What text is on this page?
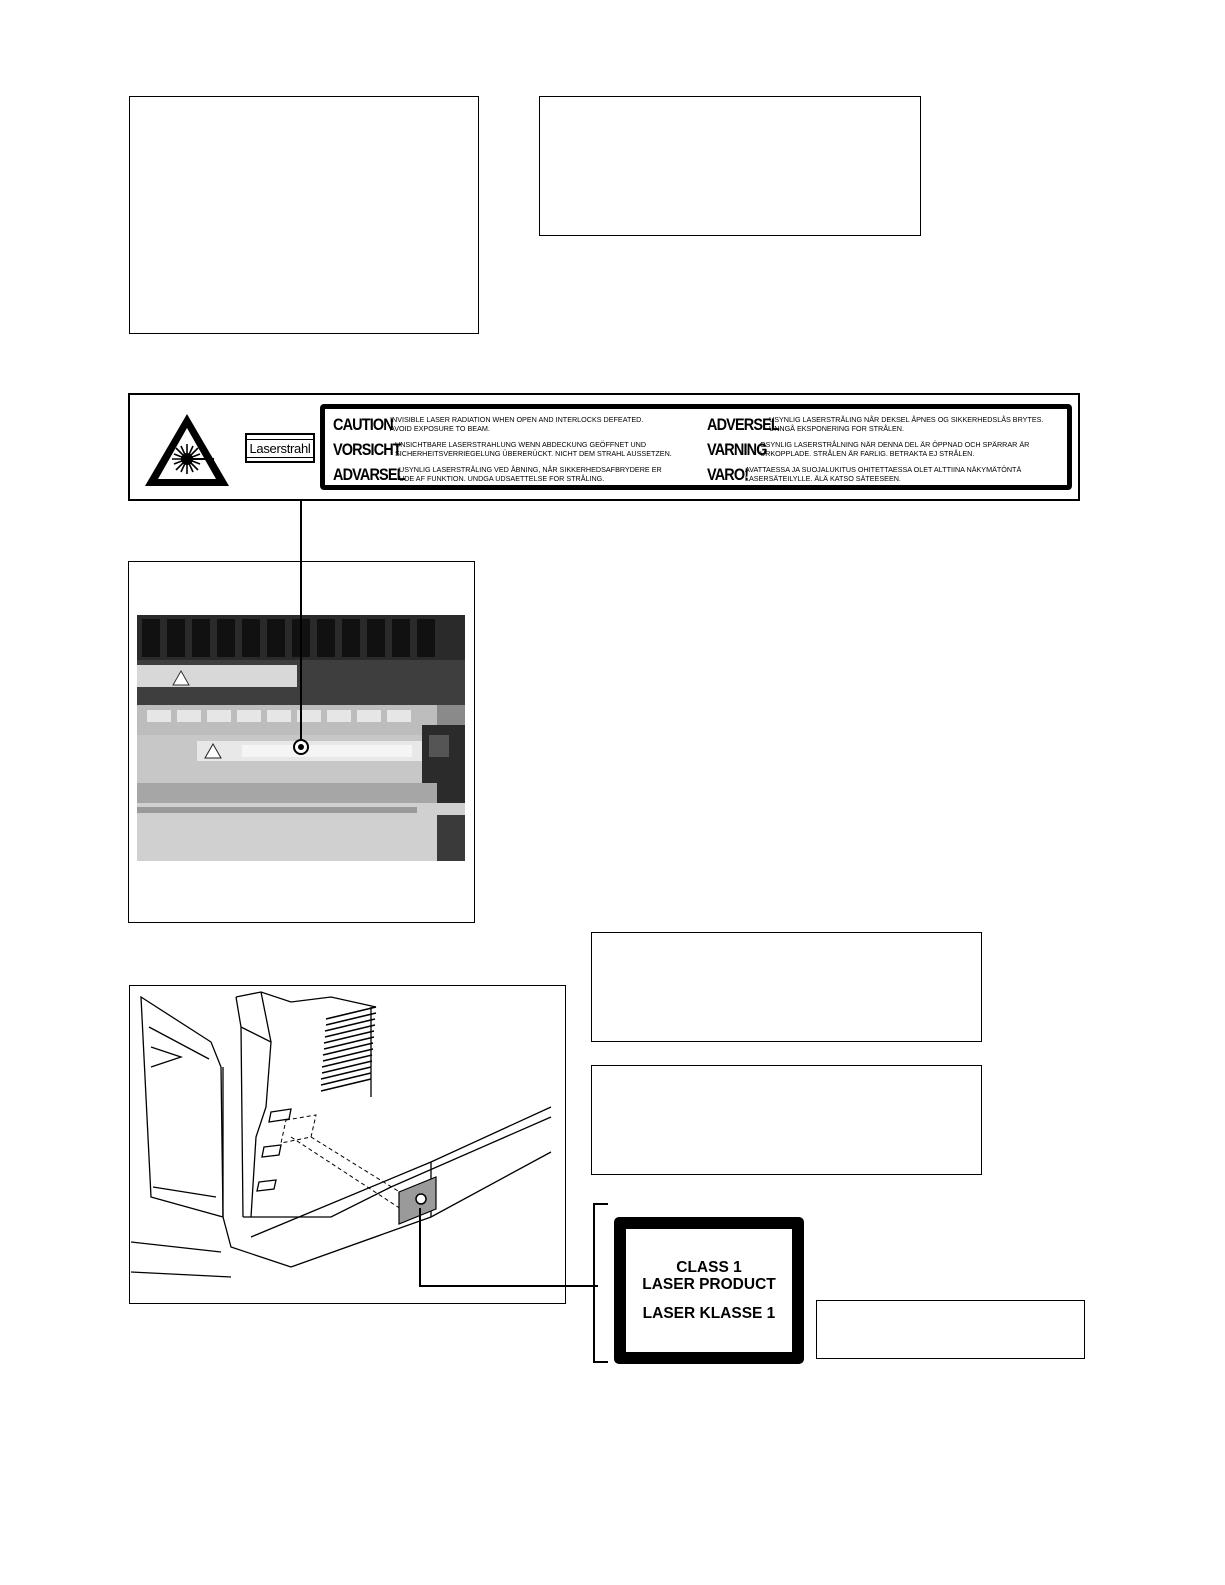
Laserstrahl
CAUTION
INVISIBLE LASER RADIATION WHEN OPEN AND INTERLOCKS DEFEATED.
AVOID EXPOSURE TO BEAM.
VORSICHT
UNSICHTBARE LASERSTRAHLUNG WENN ABDECKUNG GEÖFFNET UND
SICHERHEITSVERRIEGELUNG ÜBERERÜCKT. NICHT DEM STRAHL AUSSETZEN.
ADVARSEL
USYNLIG LASERSTRÅLING VED ÅBNING, NÅR SIKKERHEDSAFBRYDERE ER
UDE AF FUNKTION. UNDGA UDSAETTELSE FOR STRÅLING.
ADVERSEL
USYNLIG LASERSTRÅLING NÅR DEKSEL ÅPNES OG SIKKERHEDSLÅS BRYTES.
UNNGÅ EKSPONERING FOR STRÅLEN.
VARNING
OSYNLIG LASERSTRÅLNING NÄR DENNA DEL ÄR ÖPPNAD OCH SPÄRRAR ÄR
URKOPPLADE. STRÅLEN ÄR FARLIG. BETRAKTA EJ STRÅLEN.
VARO!
AVATTAESSA JA SUOJALUKITUS OHITETTAESSA OLET ALTTIINA NÄKYMÄTÖNTÄ
LASERSÄTEILYLLE. ÄLÄ KATSO SÄTEESEEN.
CLASS 1
LASER PRODUCT
LASER KLASSE 1
